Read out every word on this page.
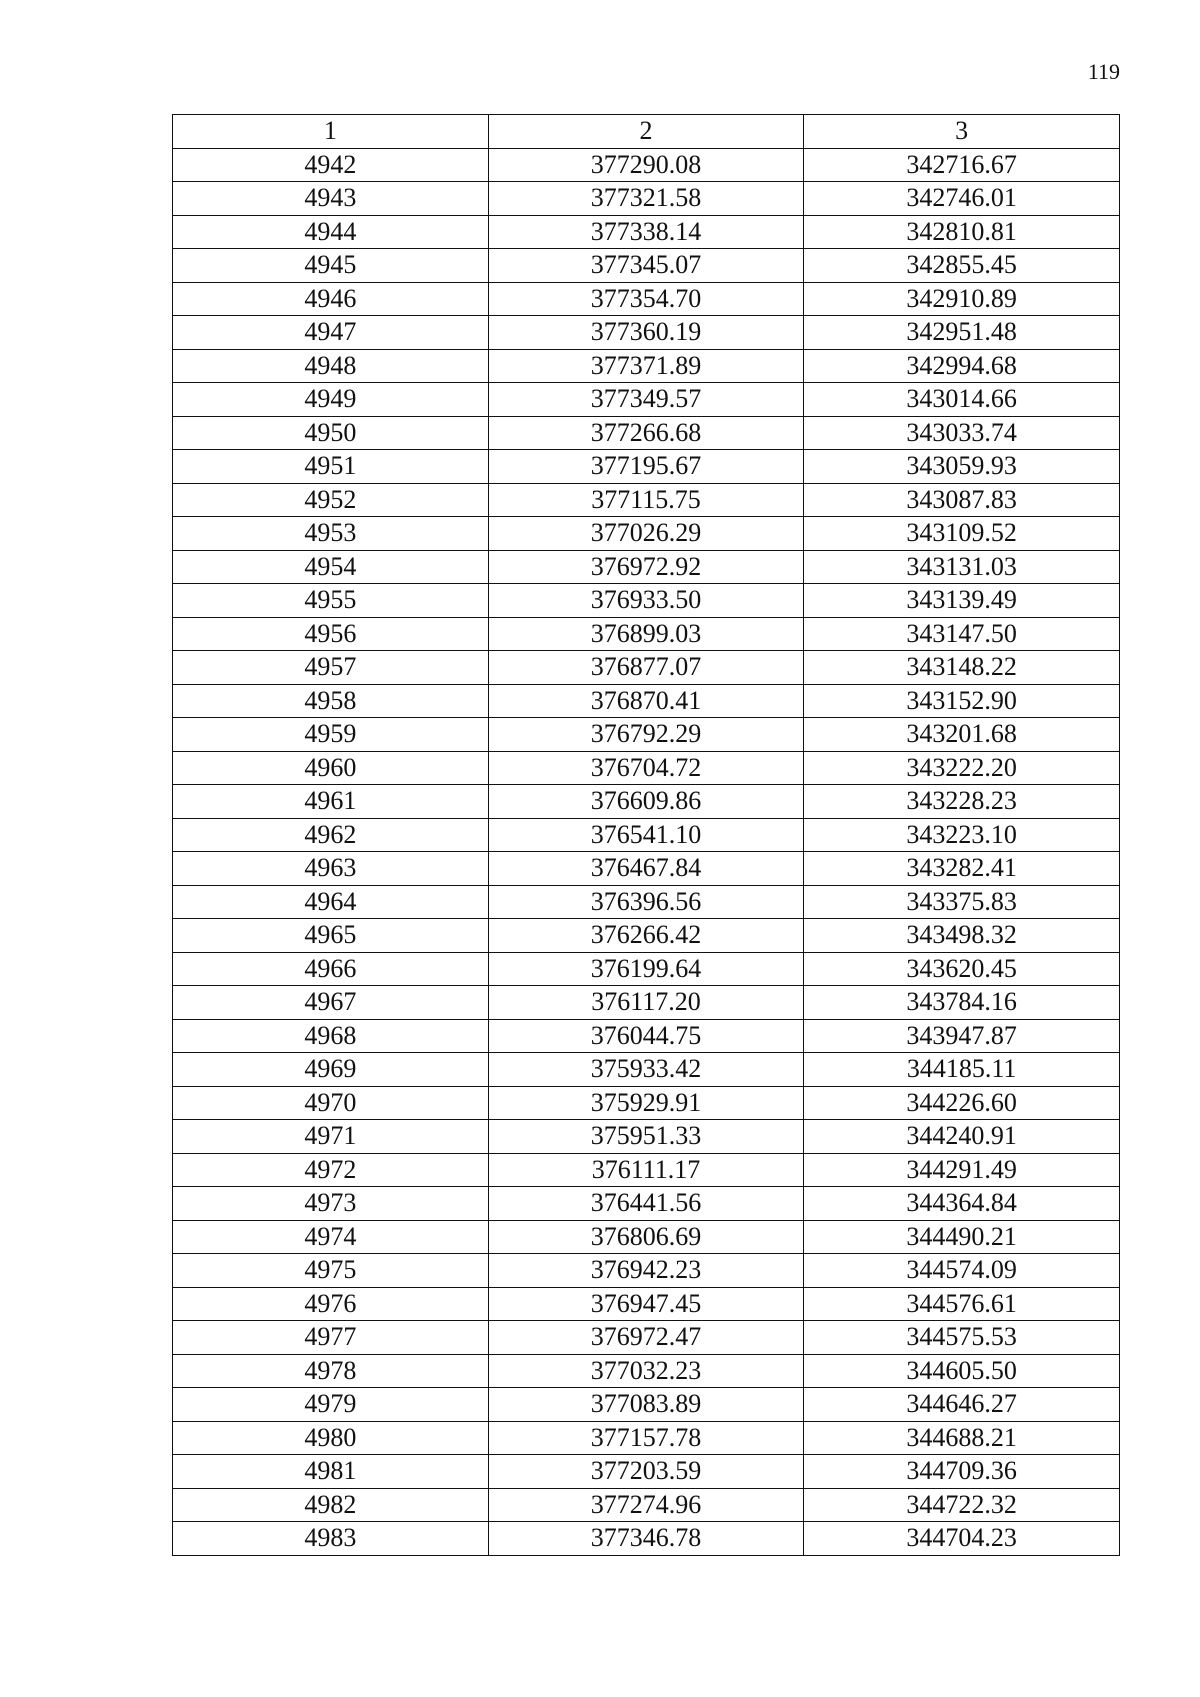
119
1	2	3
4942	377290.08	342716.67
4943	377321.58	342746.01
4944	377338.14	342810.81
4945	377345.07	342855.45
4946	377354.70	342910.89
4947	377360.19	342951.48
4948	377371.89	342994.68
4949	377349.57	343014.66
4950	377266.68	343033.74
4951	377195.67	343059.93
4952	377115.75	343087.83
4953	377026.29	343109.52
4954	376972.92	343131.03
4955	376933.50	343139.49
4956	376899.03	343147.50
4957	376877.07	343148.22
4958	376870.41	343152.90
4959	376792.29	343201.68
4960	376704.72	343222.20
4961	376609.86	343228.23
4962	376541.10	343223.10
4963	376467.84	343282.41
4964	376396.56	343375.83
4965	376266.42	343498.32
4966	376199.64	343620.45
4967	376117.20	343784.16
4968	376044.75	343947.87
4969	375933.42	344185.11
4970	375929.91	344226.60
4971	375951.33	344240.91
4972	376111.17	344291.49
4973	376441.56	344364.84
4974	376806.69	344490.21
4975	376942.23	344574.09
4976	376947.45	344576.61
4977	376972.47	344575.53
4978	377032.23	344605.50
4979	377083.89	344646.27
4980	377157.78	344688.21
4981	377203.59	344709.36
4982	377274.96	344722.32
4983	377346.78	344704.23
